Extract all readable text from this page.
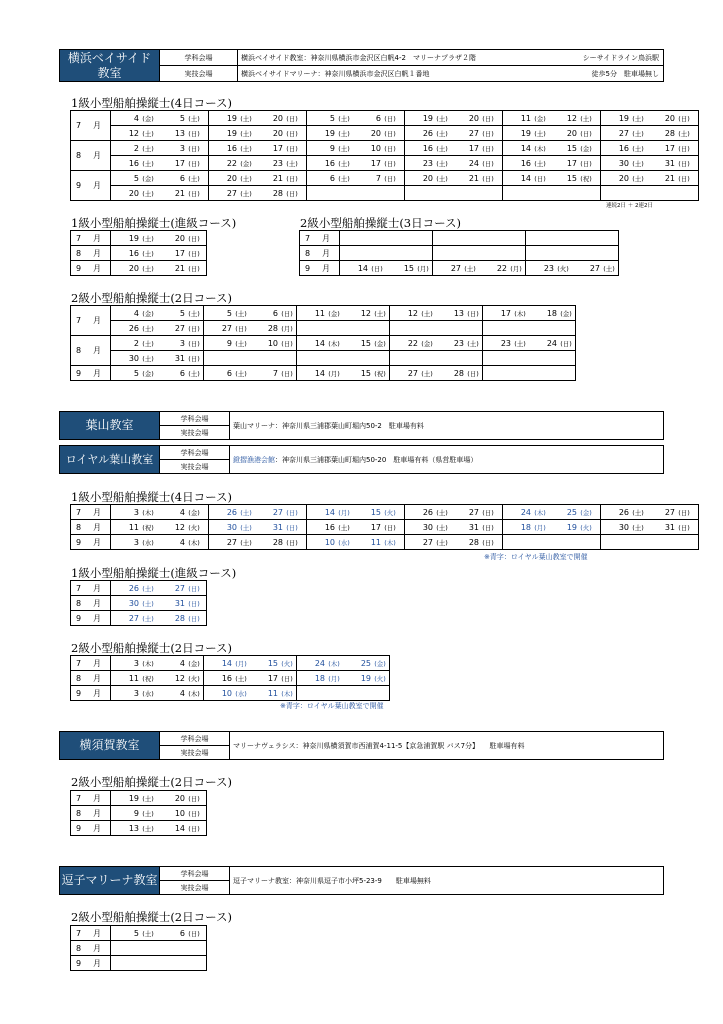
横浜ベイサイド
教室
学科会場	横浜ベイサイド教室：神奈川県横浜市金沢区白帆4-2　マリーナプラザ２階	シーサイドライン鳥浜駅
実技会場	横浜ベイサイドマリーナ：神奈川県横浜市金沢区白帆１番地	徒歩5分　駐車場無し
1級小型船舶操縦士(4日コース)
7 月	4 (金) 5 (土)	19 (土) 20 (日)	5 (土) 6 (日)	19 (土) 20 (日)	11 (金) 12 (土)	19 (土) 20 (日)
	12 (土) 13 (日)	19 (土) 20 (日)	19 (土) 20 (日)	26 (土) 27 (日)	19 (土) 20 (日)	27 (土) 28 (土)
8 月	2 (土) 3 (日)	16 (土) 17 (日)	9 (土) 10 (日)	16 (土) 17 (日)	14 (木) 15 (金)	16 (土) 17 (日)
	16 (土) 17 (日)	22 (金) 23 (土)	16 (土) 17 (日)	23 (土) 24 (日)	16 (土) 17 (日)	30 (土) 31 (日)
9 月	5 (金) 6 (土)	20 (土) 21 (日)	6 (土) 7 (日)	20 (土) 21 (日)	14 (日) 15 (祝)	20 (土) 21 (日)
	20 (土) 21 (日)	27 (土) 28 (日)				
連続2日 ＋ 2連2日
1級小型船舶操縦士(進級コース)
7 月	19 (土) 20 (日)
8 月	16 (土) 17 (日)
9 月	20 (土) 21 (日)
2級小型船舶操縦士(3日コース)
7 月			
8 月			
9 月	14 (日) 15 (月)	27 (土) 22 (月)	23 (火) 27 (土)
2級小型船舶操縦士(2日コース)
7 月	4 (金) 5 (土)	5 (土) 6 (日)	11 (金) 12 (土)	12 (土) 13 (日)	17 (木) 18 (金)
	26 (土) 27 (日)	27 (日) 28 (月)			
8 月	2 (土) 3 (日)	9 (土) 10 (日)	14 (木) 15 (金)	22 (金) 23 (土)	23 (土) 24 (日)
	30 (土) 31 (日)				
9 月	5 (金) 6 (土)	6 (土) 7 (日)	14 (月) 15 (祝)	27 (土) 28 (日)	
葉山教室	学科会場
実技会場
葉山マリーナ：神奈川県三浦郡葉山町堀内50-2　駐車場有料
ロイヤル葉山教室
学科会場
実技会場
鐙摺漁港会館 ：神奈川県三浦郡葉山町堀内50-20　駐車場有料（県営駐車場）
1級小型船舶操縦士(4日コース)
7 月	3 (木) 4 (金)	26 (土) 27 (日)	14 (月) 15 (火)	26 (土) 27 (日)	24 (木) 25 (金)	26 (土) 27 (日)
8 月	11 (祝) 12 (火)	30 (土) 31 (日)	16 (土) 17 (日)	30 (土) 31 (日)	18 (月) 19 (火)	30 (土) 31 (日)
9 月	3 (水) 4 (木)	27 (土) 28 (日)	10 (水) 11 (木)	27 (土) 28 (日)		
※青字：ロイヤル葉山教室で開催
1級小型船舶操縦士(進級コース)
7 月	26 (土) 27 (日)
8 月	30 (土) 31 (日)
9 月	27 (土) 28 (日)
2級小型船舶操縦士(2日コース)
7 月	3 (木) 4 (金)	14 (月) 15 (火)	24 (木) 25 (金)
8 月	11 (祝) 12 (火)	16 (土) 17 (日)	18 (月) 19 (火)
9 月	3 (水) 4 (木)	10 (水) 11 (木)	
※青字：ロイヤル葉山教室で開催
横須賀教室	学科会場
実技会場
マリーナヴェラシス：神奈川県横須賀市西浦賀4-11-5【京急浦賀駅 バス7分】　　駐車場有料
2級小型船舶操縦士(2日コース)
7 月	19 (土) 20 (日)
8 月	9 (土) 10 (日)
9 月	13 (土) 14 (日)
逗子マリーナ教室	学科会場
実技会場
逗子マリーナ教室：神奈川県逗子市小坪5-23-9　　駐車場無料
2級小型船舶操縦士(2日コース)
7 月	5 (土) 6 (日)
8 月	
9 月	
